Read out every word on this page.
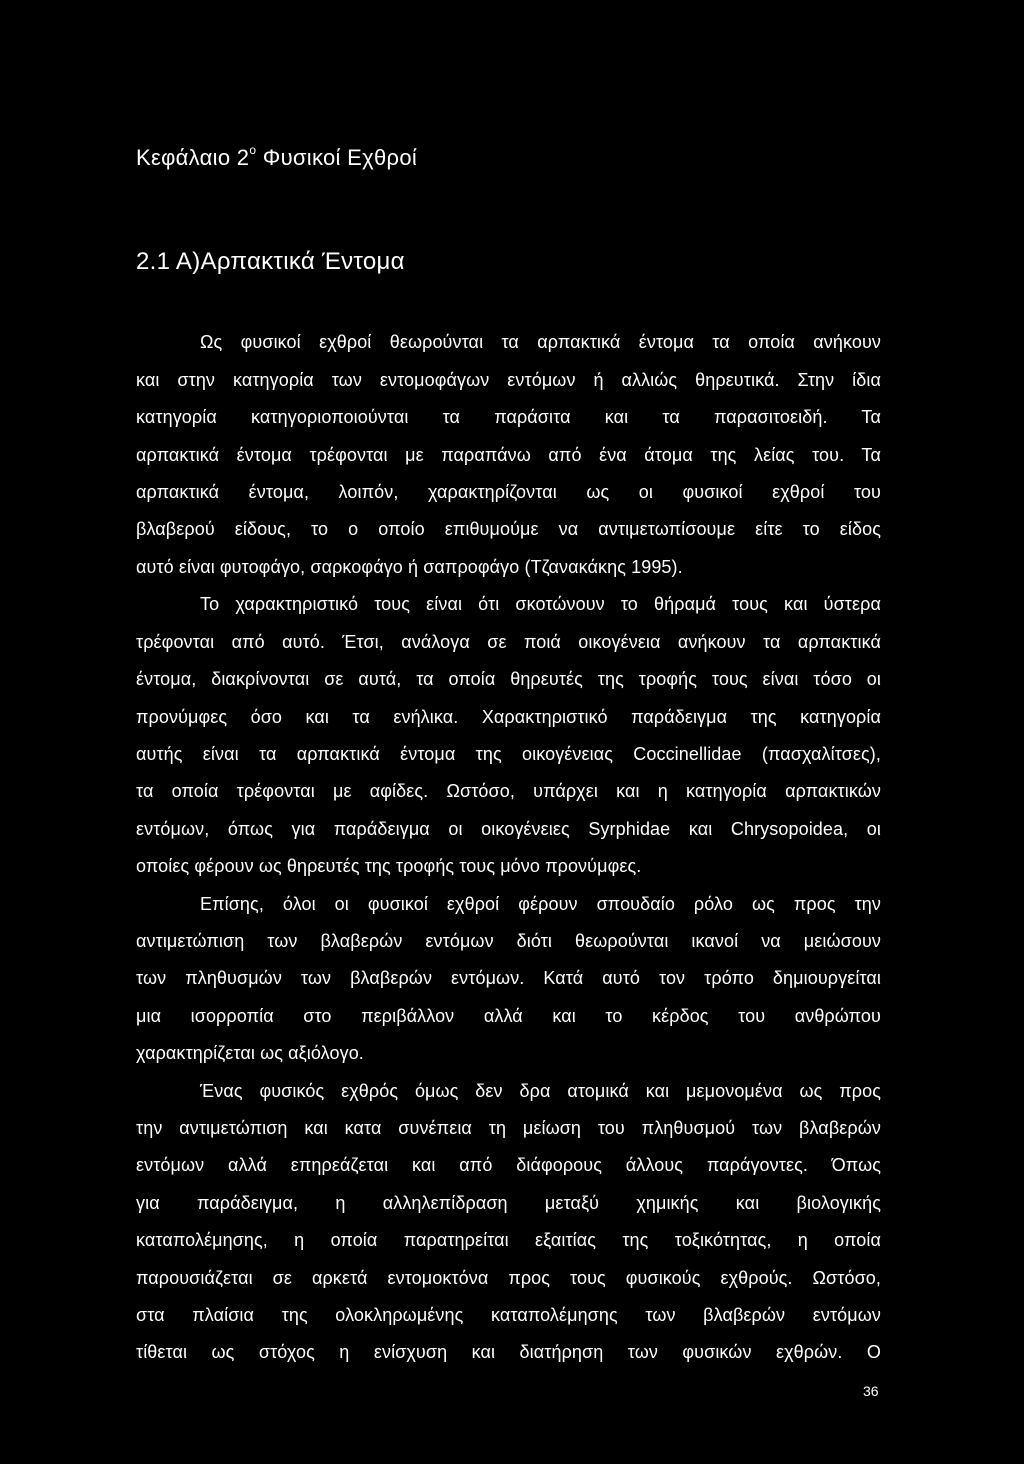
Κεφάλαιο $2^o$ Φυσικοί Εχθροί
2.1 Α)Αρπακτικά Έντομα
Ως φυσικοί εχθροί θεωρούνται τα αρπακτικά έντομα τα οποία ανήκουν
και στην κατηγορία των εντομοφάγων εντόμων ή αλλιώς θηρευτικά. Στην ίδια
κατηγορία κατηγοριοποιούνται τα παράσιτα και τα παρασιτοειδή. Τα
αρπακτικά έντομα τρέφονται με παραπάνω από ένα άτομα της λείας του. Τα
αρπακτικά έντομα, λοιπόν, χαρακτηρίζονται ως οι φυσικοί εχθροί του
βλαβερού είδους, το ο οποίο επιθυμούμε να αντιμετωπίσουμε είτε το είδος
αυτό είναι φυτοφάγο, σαρκοφάγο ή σαπροφάγο (Τζανακάκης 1995).
Το χαρακτηριστικό τους είναι ότι σκοτώνουν το θήραμά τους και ύστερα
τρέφονται από αυτό. Έτσι, ανάλογα σε ποιά οικογένεια ανήκουν τα αρπακτικά
έντομα, διακρίνονται σε αυτά, τα οποία θηρευτές της τροφής τους είναι τόσο οι
προνύμφες όσο και τα ενήλικα. Χαρακτηριστικό παράδειγμα της κατηγορία
αυτής είναι τα αρπακτικά έντομα της οικογένειας Coccinellidae (πασχαλίτσες),
τα οποία τρέφονται με αφίδες. Ωστόσο, υπάρχει και η κατηγορία αρπακτικών
εντόμων, όπως για παράδειγμα οι οικογένειες Syrphidae και Chrysopoidea, οι
οποίες φέρουν ως θηρευτές της τροφής τους μόνο προνύμφες.
Επίσης, όλοι οι φυσικοί εχθροί φέρουν σπουδαίο ρόλο ως προς την
αντιμετώπιση των βλαβερών εντόμων διότι θεωρούνται ικανοί να μειώσουν
των πληθυσμών των βλαβερών εντόμων. Κατά αυτό τον τρόπο δημιουργείται
μια ισορροπία στο περιβάλλον αλλά και το κέρδος του ανθρώπου
χαρακτηρίζεται ως αξιόλογο.
Ένας φυσικός εχθρός όμως δεν δρα ατομικά και μεμονομένα ως προς
την αντιμετώπιση και κατα συνέπεια τη μείωση του πληθυσμού των βλαβερών
εντόμων αλλά επηρεάζεται και από διάφορους άλλους παράγοντες. Όπως
για παράδειγμα, η αλληλεπίδραση μεταξύ χημικής και βιολογικής
καταπολέμησης, η οποία παρατηρείται εξαιτίας της τοξικότητας, η οποία
παρουσιάζεται σε αρκετά εντομοκτόνα προς τους φυσικούς εχθρούς. Ωστόσο,
στα πλαίσια της ολοκληρωμένης καταπολέμησης των βλαβερών εντόμων
τίθεται ως στόχος η ενίσχυση και διατήρηση των φυσικών εχθρών. Ο
36
